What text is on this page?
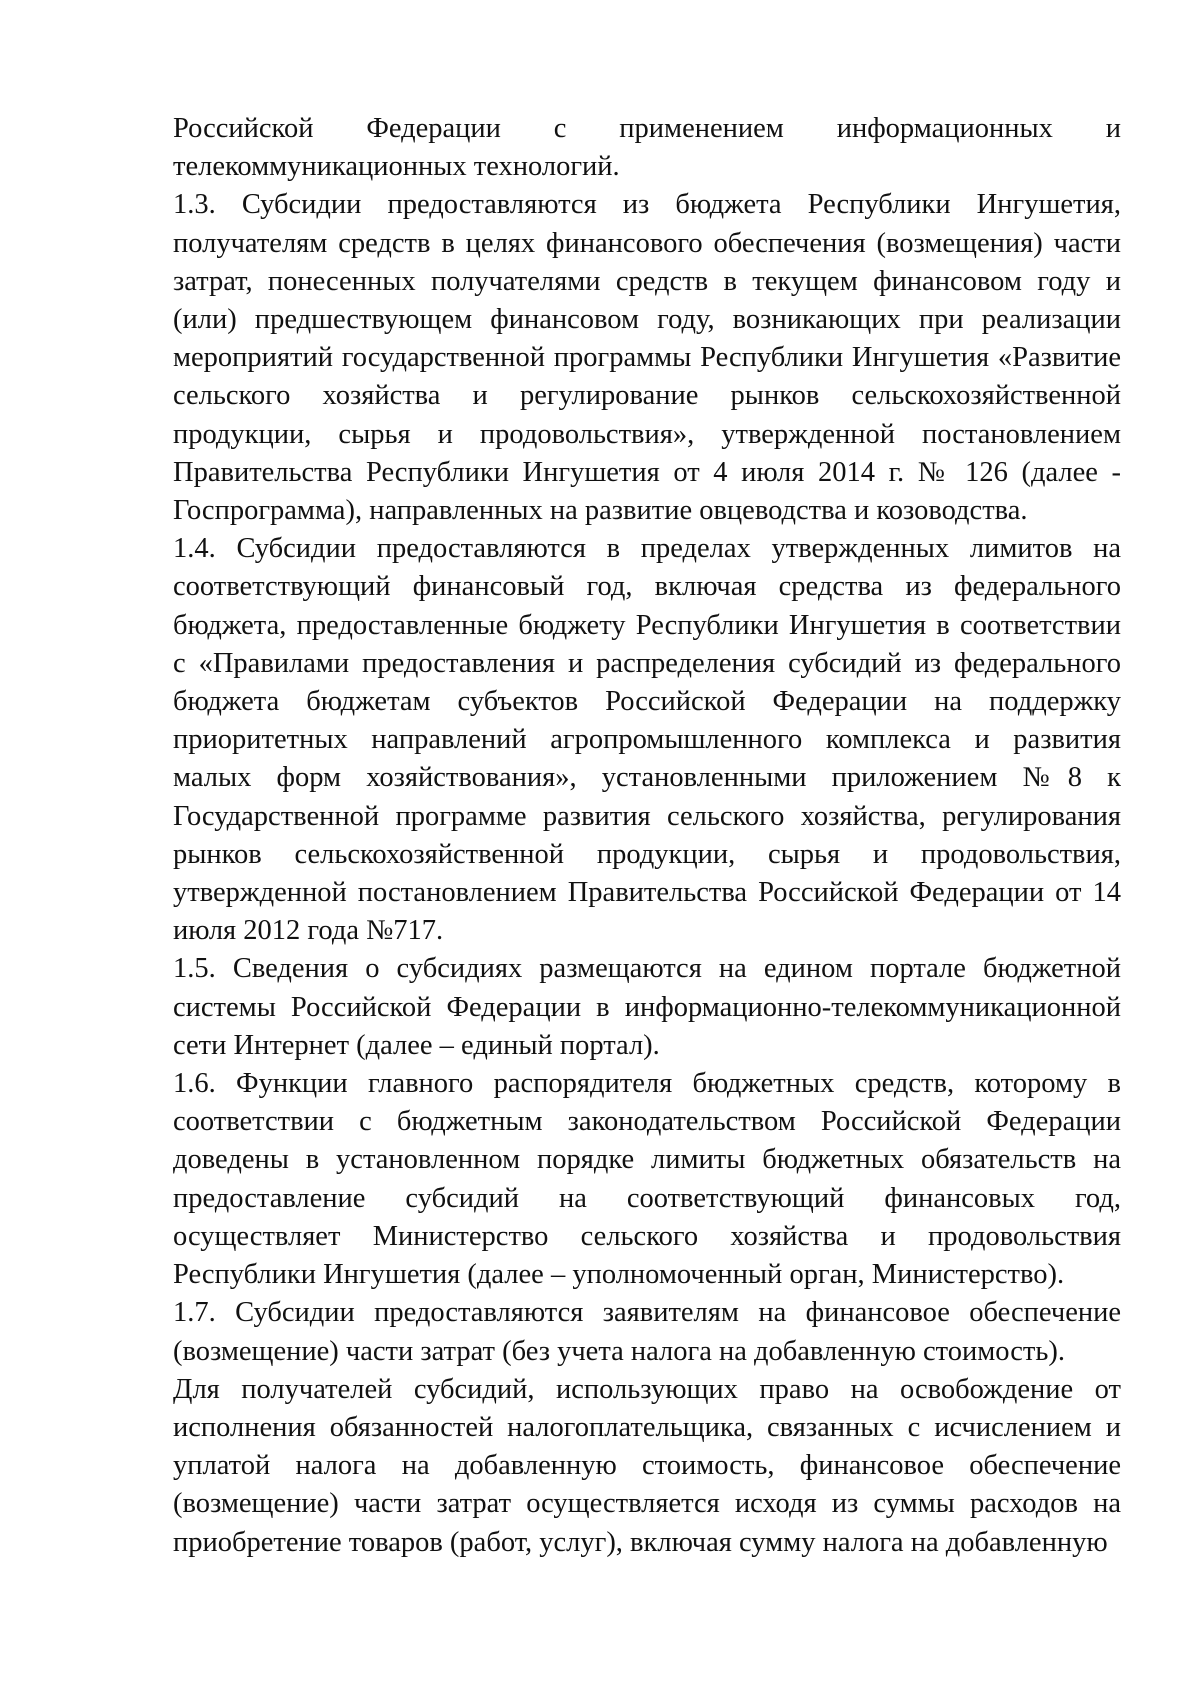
Российской Федерации с применением информационных и телекоммуникационных технологий.

1.3. Субсидии предоставляются из бюджета Республики Ингушетия, получателям средств в целях финансового обеспечения (возмещения) части затрат, понесенных получателями средств в текущем финансовом году и (или) предшествующем финансовом году, возникающих при реализации мероприятий государственной программы Республики Ингушетия «Развитие сельского хозяйства и регулирование рынков сельскохозяйственной продукции, сырья и продовольствия», утвержденной постановлением Правительства Республики Ингушетия от 4 июля 2014 г. № 126 (далее - Госпрограмма), направленных на развитие овцеводства и козоводства.

1.4. Субсидии предоставляются в пределах утвержденных лимитов на соответствующий финансовый год, включая средства из федерального бюджета, предоставленные бюджету Республики Ингушетия в соответствии с «Правилами предоставления и распределения субсидий из федерального бюджета бюджетам субъектов Российской Федерации на поддержку приоритетных направлений агропромышленного комплекса и развития малых форм хозяйствования», установленными приложением №8 к Государственной программе развития сельского хозяйства, регулирования рынков сельскохозяйственной продукции, сырья и продовольствия, утвержденной постановлением Правительства Российской Федерации от 14 июля 2012 года №717.

1.5. Сведения о субсидиях размещаются на едином портале бюджетной системы Российской Федерации в информационно-телекоммуникационной сети Интернет (далее – единый портал).

1.6. Функции главного распорядителя бюджетных средств, которому в соответствии с бюджетным законодательством Российской Федерации доведены в установленном порядке лимиты бюджетных обязательств на предоставление субсидий на соответствующий финансовых год, осуществляет Министерство сельского хозяйства и продовольствия Республики Ингушетия (далее – уполномоченный орган, Министерство).

1.7. Субсидии предоставляются заявителям на финансовое обеспечение (возмещение) части затрат (без учета налога на добавленную стоимость).

Для получателей субсидий, использующих право на освобождение от исполнения обязанностей налогоплательщика, связанных с исчислением и уплатой налога на добавленную стоимость, финансовое обеспечение (возмещение) части затрат осуществляется исходя из суммы расходов на приобретение товаров (работ, услуг), включая сумму налога на добавленную
